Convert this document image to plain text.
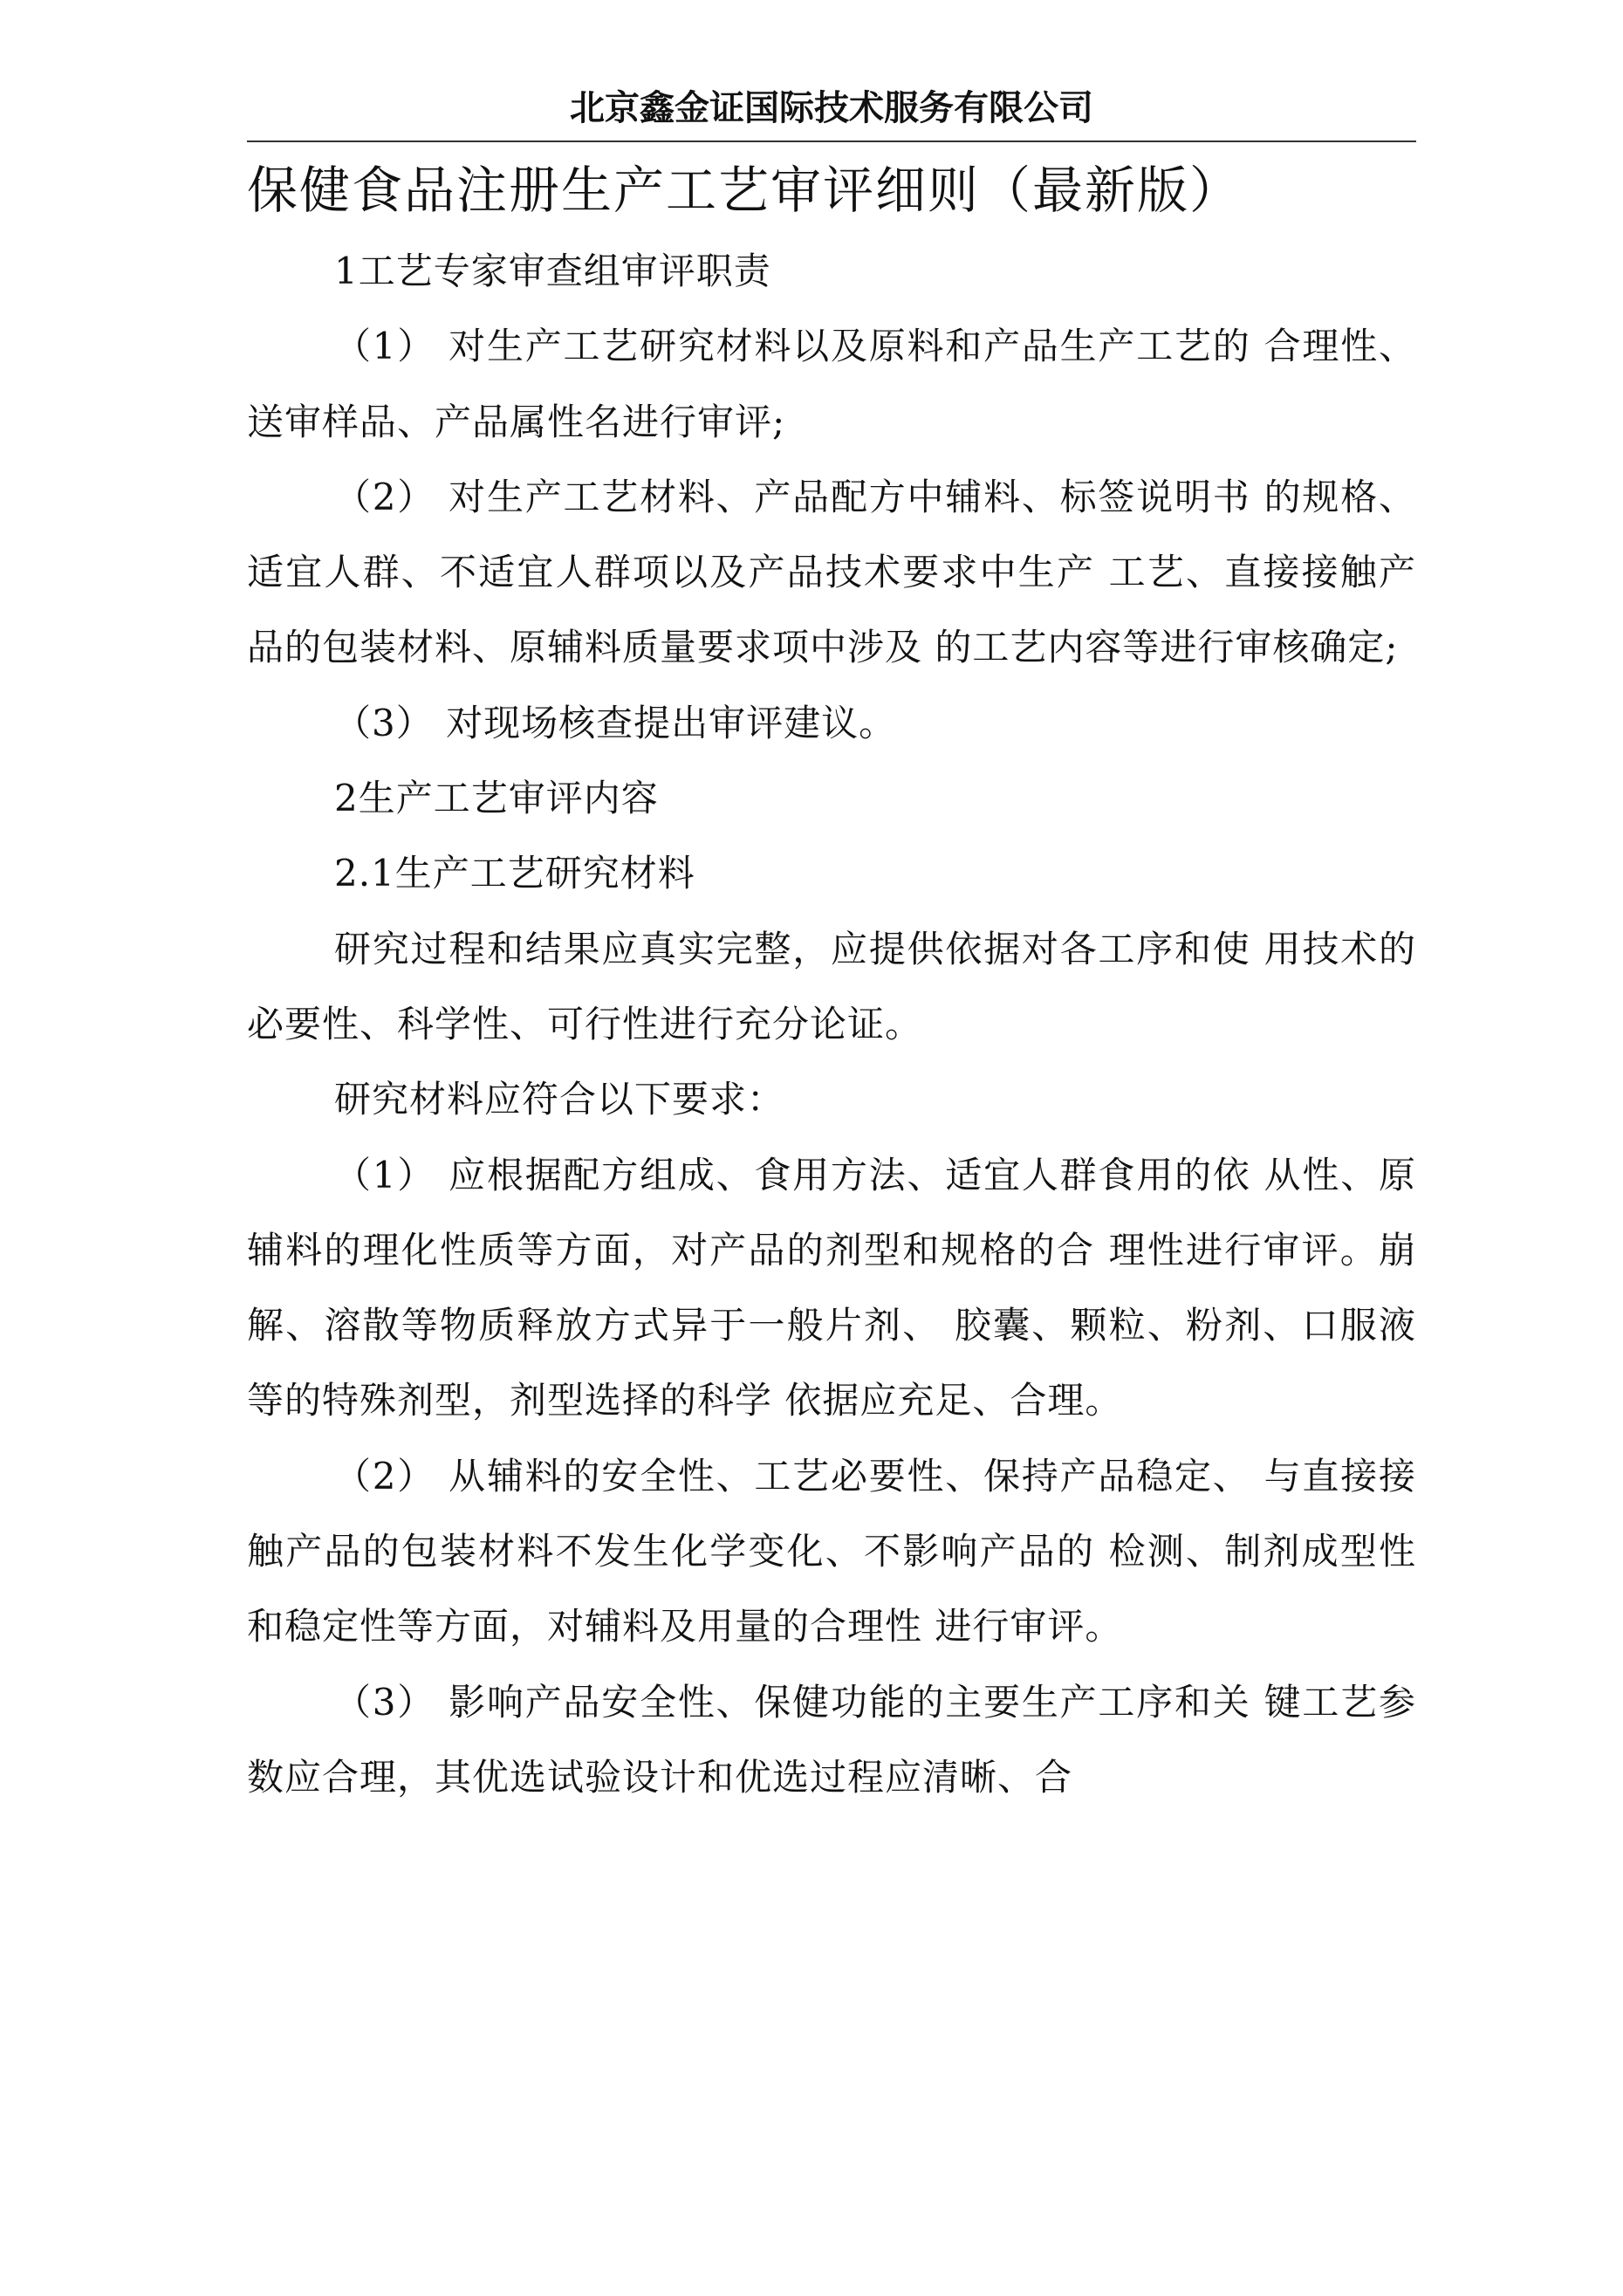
北京鑫金证国际技术服务有限公司
保健食品注册生产工艺审评细则（最新版）

1工艺专家审查组审评职责

（1） 对生产工艺研究材料以及原料和产品生产工艺的 合理性、送审样品、产品属性名进行审评;

（2） 对生产工艺材料、产品配方中辅料、标签说明书 的规格、适宜人群、不适宜人群项以及产品技术要求中生产 工艺、直接接触产品的包装材料、原辅料质量要求项中涉及 的工艺内容等进行审核确定;

（3） 对现场核查提出审评建议。

2生产工艺审评内容

2.1生产工艺研究材料

研究过程和结果应真实完整，应提供依据对各工序和使 用技术的必要性、科学性、可行性进行充分论证。

研究材料应符合以下要求：

（1） 应根据配方组成、食用方法、适宜人群食用的依 从性、原辅料的理化性质等方面，对产品的剂型和规格的合 理性进行审评。崩解、溶散等物质释放方式异于一般片剂、 胶囊、颗粒、粉剂、口服液等的特殊剂型，剂型选择的科学 依据应充足、合理。

（2） 从辅料的安全性、工艺必要性、保持产品稳定、 与直接接触产品的包装材料不发生化学变化、不影响产品的 检测、制剂成型性和稳定性等方面，对辅料及用量的合理性 进行审评。

（3） 影响产品安全性、保健功能的主要生产工序和关 键工艺参数应合理，其优选试验设计和优选过程应清晰、合
